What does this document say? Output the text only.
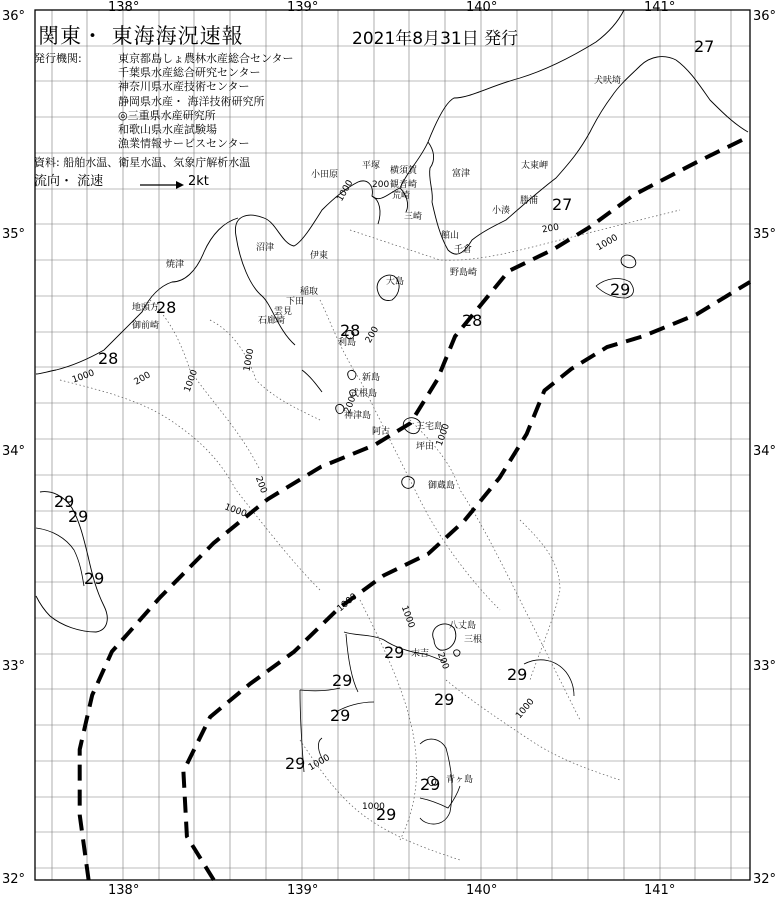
36°
35°
34°
33°
32°
36°
35°
34°
33°
32°
138°	139°	140°	141°
138°	139°	140°	141°
関東・ 東海海況速報	2021年8月31日 発行
発行機関:	東京都島しょ農林水産総合センター
千葉県水産総合研究センター
神奈川県水産技術センター
静岡県水産・ 海洋技術研究所
◎三重県水産研究所
和歌山県水産試験場
漁業情報サービスセンター
資料: 船舶水温、衛星水温、気象庁解析水温
流向・ 流速	2kt	小田原
平塚 横須賀
観音崎
荒崎
富津
三崎
小湊
勝浦
太東岬
犬吠埼
館山
千倉
野島崎
沼津
焼津
伊東
大島
稲取
下田
雲見
石廊崎
地頭方
御前崎
利島
新島
式根島
神津島
阿古	三宅島
坪田
御蔵島
八丈島
三根
末吉
青ヶ島
1000 200
1000
200
1000	200	1000
200
1000
200
1000
200
1000
1000
1000
1000
1000
1000
200
27
27
28
28
28
28
29
29
29
29
29
29	29
29
29
29
29
29
